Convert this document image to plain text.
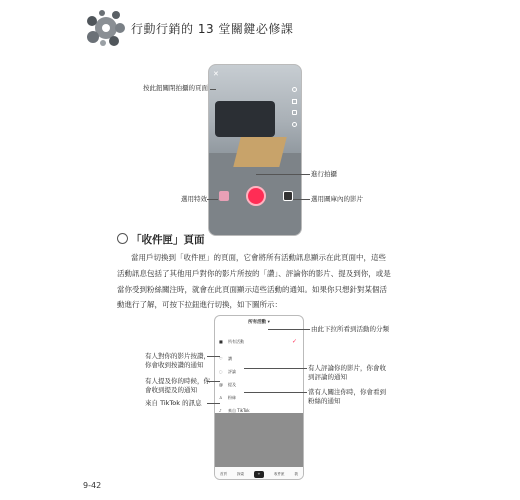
行動行銷的 13 堂關鍵必修課
✕
按此鈕關閉拍攝的頁面
進行拍攝
選用特效	選用圖庫內的影片
「收件匣」頁面
當用戶切換到「收件匣」的頁面，它會將所有活動訊息顯示在此頁面中，這些
活動訊息包括了其他用戶對你的影片所按的「讚」、評論你的影片、提及到你，或是
當你受到粉絲關注時，就會在此頁面顯示這些活動的通知。如果你只想針對某個活
動進行了解，可按下拉鈕進行切換，如下圖所示：
所有活動 ▾
■ 所有活動	✓
♡ 讚
◌ 評論
@ 提及
♙ 粉絲
♪ 來自 TikTok
首頁	探索	+	收件匣	我
由此下拉所看到活動的分類
有人對你的影片按讚，
你會收到按讚的通知	有人評論你的影片，你會收
到評論的通知
有人提及你的時候，你
會收到提及的通知	當有人關注你時，你會看到
粉絲的通知
來自 TikTok 的訊息
9-42
